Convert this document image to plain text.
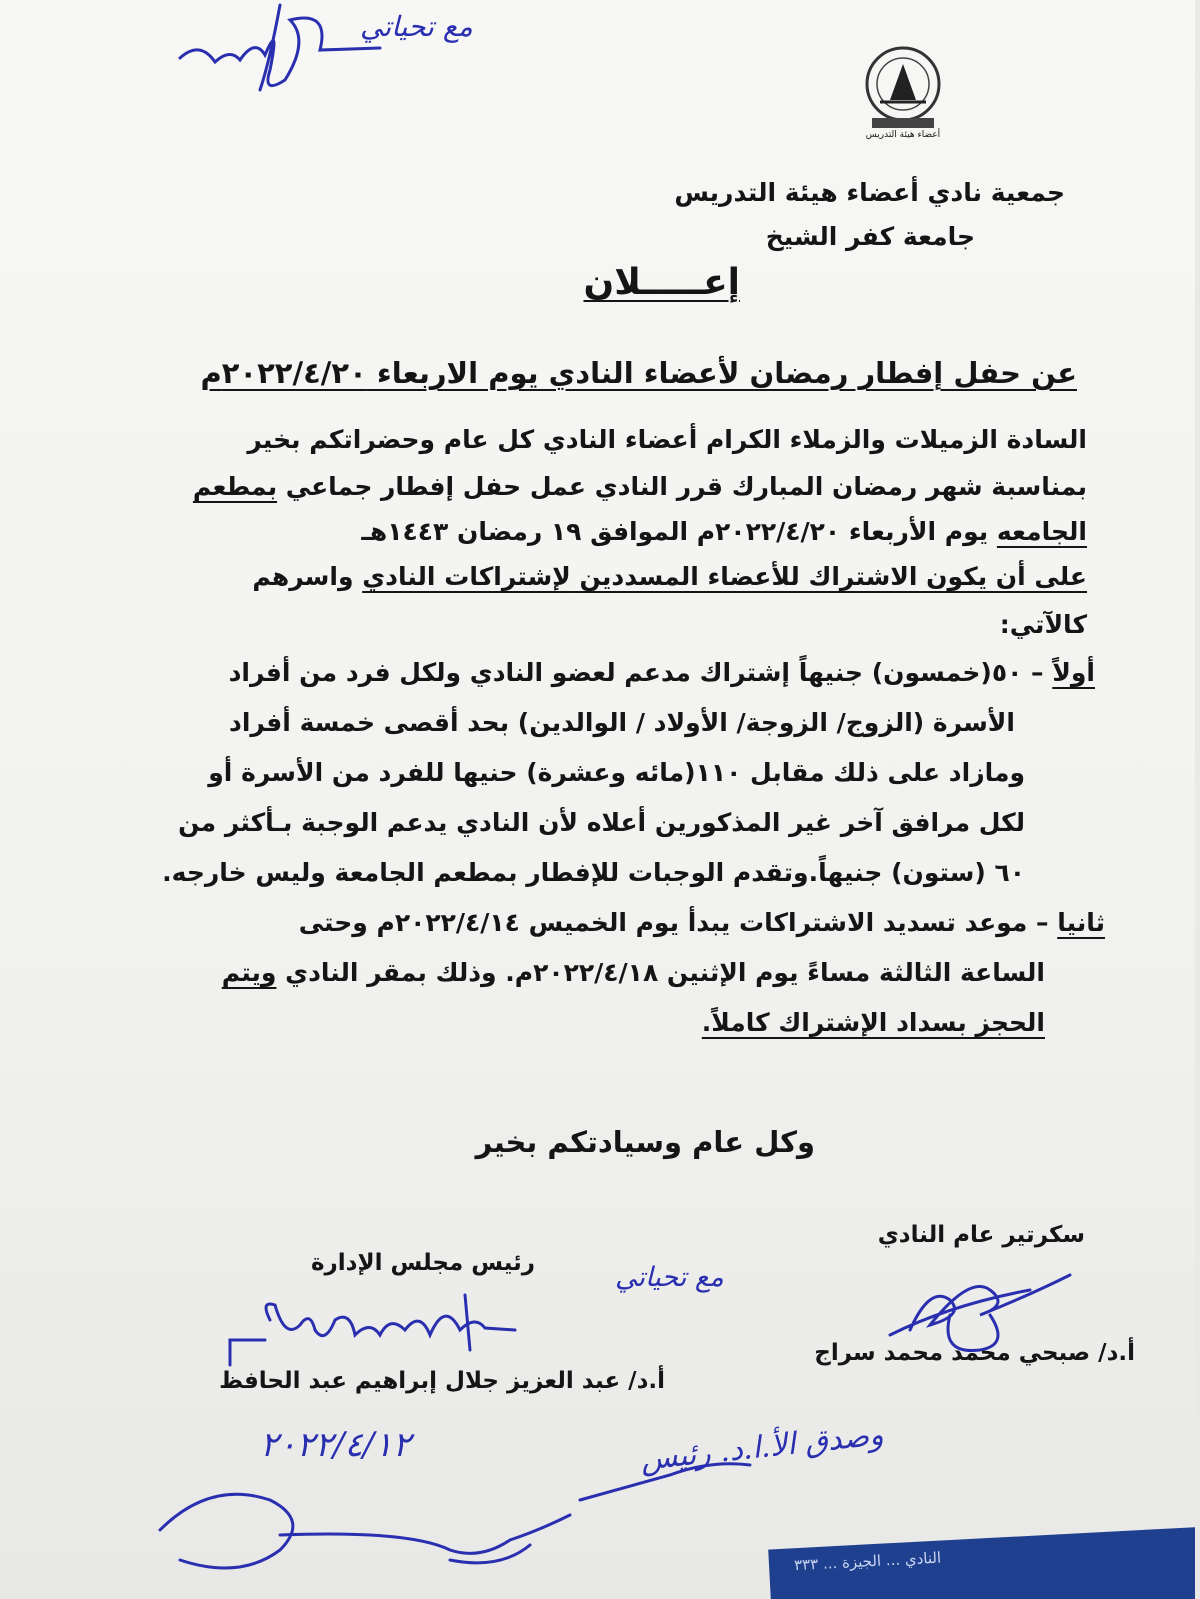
مع تحياتي
أعضاء هيئة التدريس
جمعية نادي أعضاء هيئة التدريس
جامعة كفر الشيخ
إعـــــلان
عن حفل إفطار رمضان لأعضاء النادي يوم الاربعاء ٢٠٢٢/٤/٢٠م
السادة الزميلات والزملاء الكرام أعضاء النادي كل عام وحضراتكم بخير
بمناسبة شهر رمضان المبارك قرر النادي عمل حفل إفطار جماعي بمطعم
الجامعه يوم الأربعاء ٢٠٢٢/٤/٢٠م الموافق ١٩ رمضان ١٤٤٣هـ
على أن يكون الاشتراك للأعضاء المسددين لإشتراكات النادي واسرهم
كالآتي:
أولاً – ٥٠(خمسون) جنيهاً إشتراك مدعم لعضو النادي ولكل فرد من أفراد
الأسرة (الزوج/ الزوجة/ الأولاد / الوالدين) بحد أقصى خمسة أفراد
ومازاد على ذلك مقابل ١١٠(مائه وعشرة) حنيها للفرد من الأسرة أو
لكل مرافق آخر غير المذكورين أعلاه لأن النادي يدعم الوجبة بـأكثر من
٦٠ (ستون) جنيهاً.وتقدم الوجبات للإفطار بمطعم الجامعة وليس خارجه.
ثانيا – موعد تسديد الاشتراكات يبدأ يوم الخميس ٢٠٢٢/٤/١٤م وحتى
الساعة الثالثة مساءً يوم الإثنين ٢٠٢٢/٤/١٨م. وذلك بمقر النادي ويتم
الحجز بسداد الإشتراك كاملاً.
وكل عام وسيادتكم بخير
سكرتير عام النادي
رئيس مجلس الإدارة	مع تحياتي
أ.د/ عبد العزيز جلال إبراهيم عبد الحافظ
أ.د/ صبحي محمد محمد سراج
٢٠٢٢/٤/١٢	وصدق الأ.ا.د. رئيس
النادي ... الجيزة ... ٣٣٣
